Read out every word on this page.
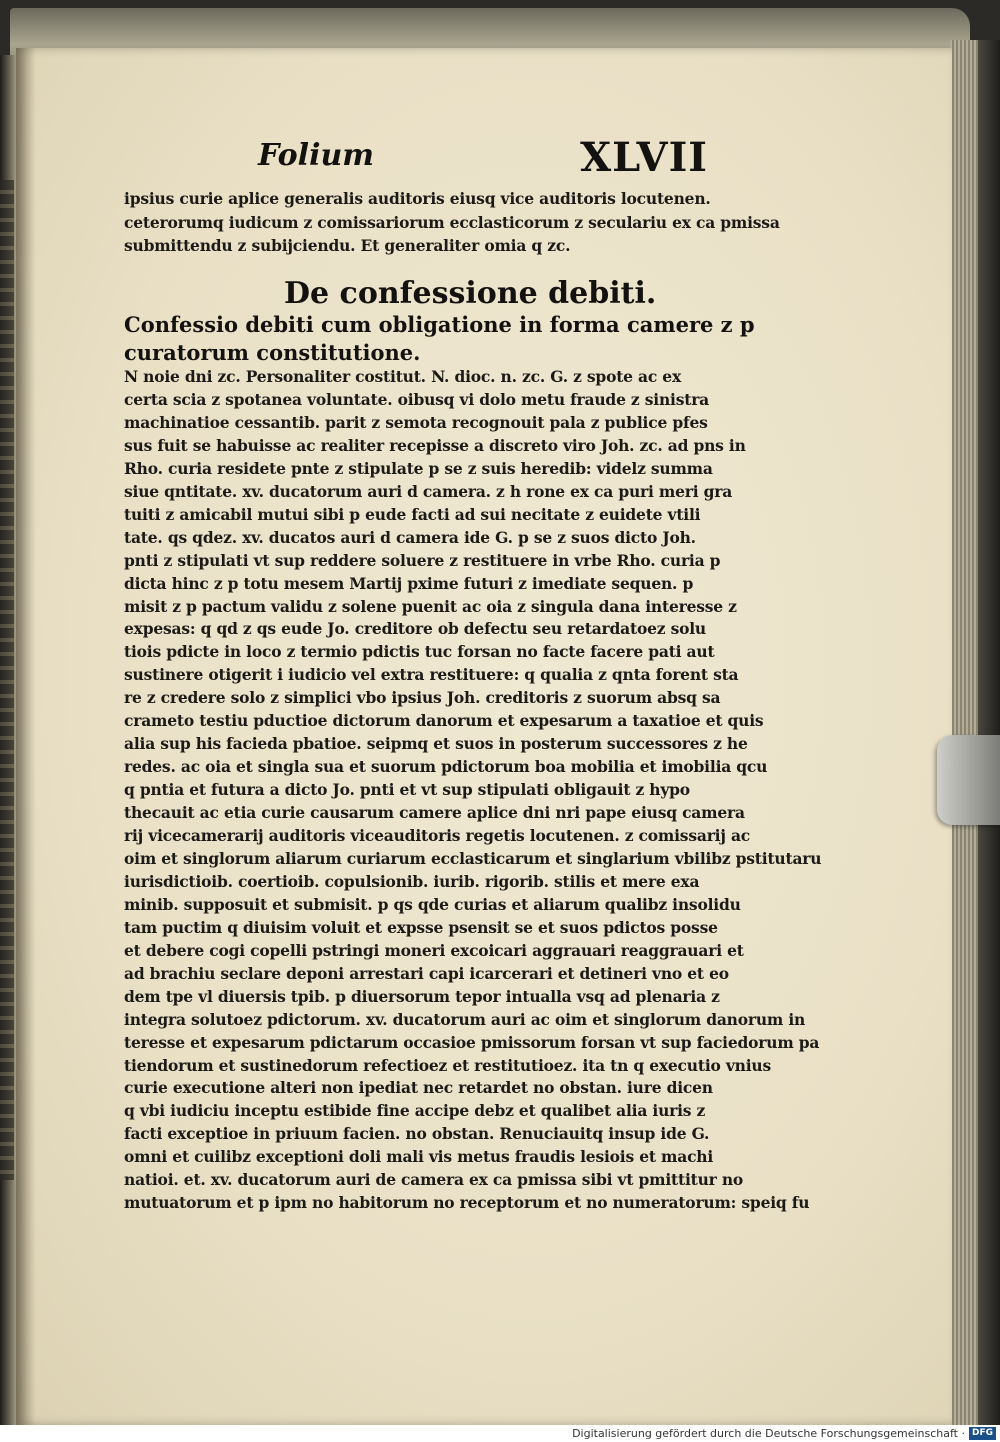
Folium	XLVII
ipsius curie aplice generalis auditoris eiusq vice auditoris locutenen.
ceterorumq iudicum z comissariorum ecclasticorum z seculariu ex ca pmissa
submittendu z subijciendu. Et generaliter omia q zc.
De confessione debiti.
Confessio debiti cum obligatione in forma camere z p
curatorum constitutione.
N noie dni zc. Personaliter costitut. N. dioc. n. zc. G. z spote ac ex
certa scia z spotanea voluntate. oibusq vi dolo metu fraude z sinistra
machinatioe cessantib. parit z semota recognouit pala z publice pfes
sus fuit se habuisse ac realiter recepisse a discreto viro Joh. zc. ad pns in
Rho. curia residete pnte z stipulate p se z suis heredib: videlz summa
siue qntitate. xv. ducatorum auri d camera. z h rone ex ca puri meri gra
tuiti z amicabil mutui sibi p eude facti ad sui necitate z euidete vtili
tate. qs qdez. xv. ducatos auri d camera ide G. p se z suos dicto Joh.
pnti z stipulati vt sup reddere soluere z restituere in vrbe Rho. curia p
dicta hinc z p totu mesem Martij pxime futuri z imediate sequen. p
misit z p pactum validu z solene puenit ac oia z singula dana interesse z
expesas: q qd z qs eude Jo. creditore ob defectu seu retardatoez solu
tiois pdicte in loco z termio pdictis tuc forsan no facte facere pati aut
sustinere otigerit i iudicio vel extra restituere: q qualia z qnta forent sta
re z credere solo z simplici vbo ipsius Joh. creditoris z suorum absq sa
crameto testiu pductioe dictorum danorum et expesarum a taxatioe et quis
alia sup his facieda pbatioe. seipmq et suos in posterum successores z he
redes. ac oia et singla sua et suorum pdictorum boa mobilia et imobilia qcu
q pntia et futura a dicto Jo. pnti et vt sup stipulati obligauit z hypo
thecauit ac etia curie causarum camere aplice dni nri pape eiusq camera
rij vicecamerarij auditoris viceauditoris regetis locutenen. z comissarij ac
oim et singlorum aliarum curiarum ecclasticarum et singlarium vbilibz pstitutaru
iurisdictioib. coertioib. copulsionib. iurib. rigorib. stilis et mere exa
minib. supposuit et submisit. p qs qde curias et aliarum qualibz insolidu
tam puctim q diuisim voluit et expsse psensit se et suos pdictos posse
et debere cogi copelli pstringi moneri excoicari aggrauari reaggrauari et
ad brachiu seclare deponi arrestari capi icarcerari et detineri vno et eo
dem tpe vl diuersis tpib. p diuersorum tepor intualla vsq ad plenaria z
integra solutoez pdictorum. xv. ducatorum auri ac oim et singlorum danorum in
teresse et expesarum pdictarum occasioe pmissorum forsan vt sup faciedorum pa
tiendorum et sustinedorum refectioez et restitutioez. ita tn q executio vnius
curie executione alteri non ipediat nec retardet no obstan. iure dicen
q vbi iudiciu inceptu estibide fine accipe debz et qualibet alia iuris z
facti exceptioe in priuum facien. no obstan. Renuciauitq insup ide G.
omni et cuilibz exceptioni doli mali vis metus fraudis lesiois et machi
natioi. et. xv. ducatorum auri de camera ex ca pmissa sibi vt pmittitur no
mutuatorum et p ipm no habitorum no receptorum et no numeratorum: speiq fu
Digitalisierung gefördert durch die Deutsche Forschungsgemeinschaft · DFG
